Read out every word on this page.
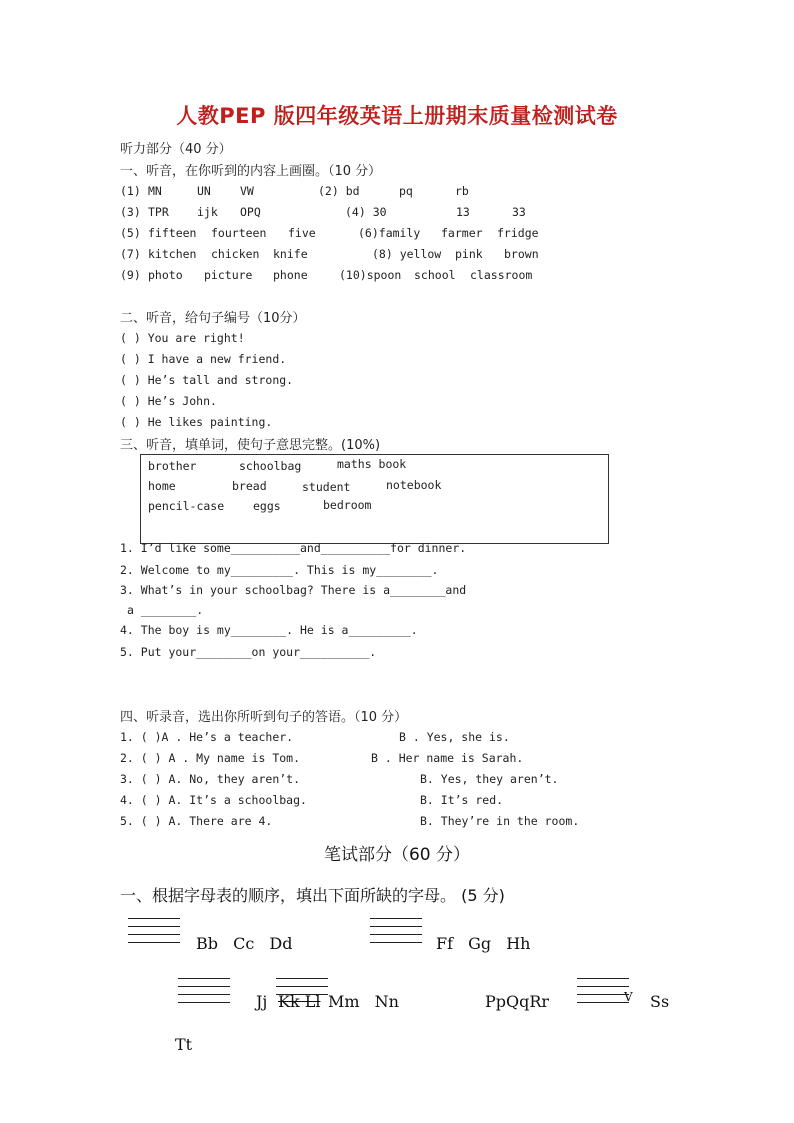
人教PEP 版四年级英语上册期末质量检测试卷
听力部分（40 分）
一、听音，在你听到的内容上画圈。（10 分）
(1) MN	UN	VW	(2) bd	pq	rb
(3) TPR ijk OPQ	(4) 30	13	33
(5) fifteen fourteen five	(6)family farmer fridge
(7) kitchen chicken knife	(8) yellow pink brown
(9) photo picture phone	(10)spoon school classroom
二、听音，给句子编号（10分）
( ) You are right!
( ) I have a new friend.
( ) He’s tall and strong.
( ) He’s John.
( ) He likes painting.
三、听音，填单词，使句子意思完整。(10%)
brother	schoolbag	maths book
home	bread	student	notebook
pencil-case	eggs	bedroom
1. I’d like some__________and__________for dinner.
2. Welcome to my_________. This is my________.
3. What’s in your schoolbag? There is a________and
a ________.
4. The boy is my________. He is a_________.
5. Put your________on your__________.
四、听录音，选出你所听到句子的答语。（10 分）
1. ( )A . He’s a teacher.	B . Yes, she is.
2. ( ) A . My name is Tom.	B . Her name is Sarah.
3. ( ) A. No, they aren’t.	B. Yes, they aren’t.
4. ( ) A. It’s a schoolbag.	B. It’s red.
5. ( ) A. There are 4.	B. They’re in the room.
笔试部分（60 分）
一、根据字母表的顺序，填出下面所缺的字母。 (5 分)
Bb Cc Dd	Ff Gg Hh
Jj Kk Ll Mm Nn	PpQqRr	V Ss
Tt
